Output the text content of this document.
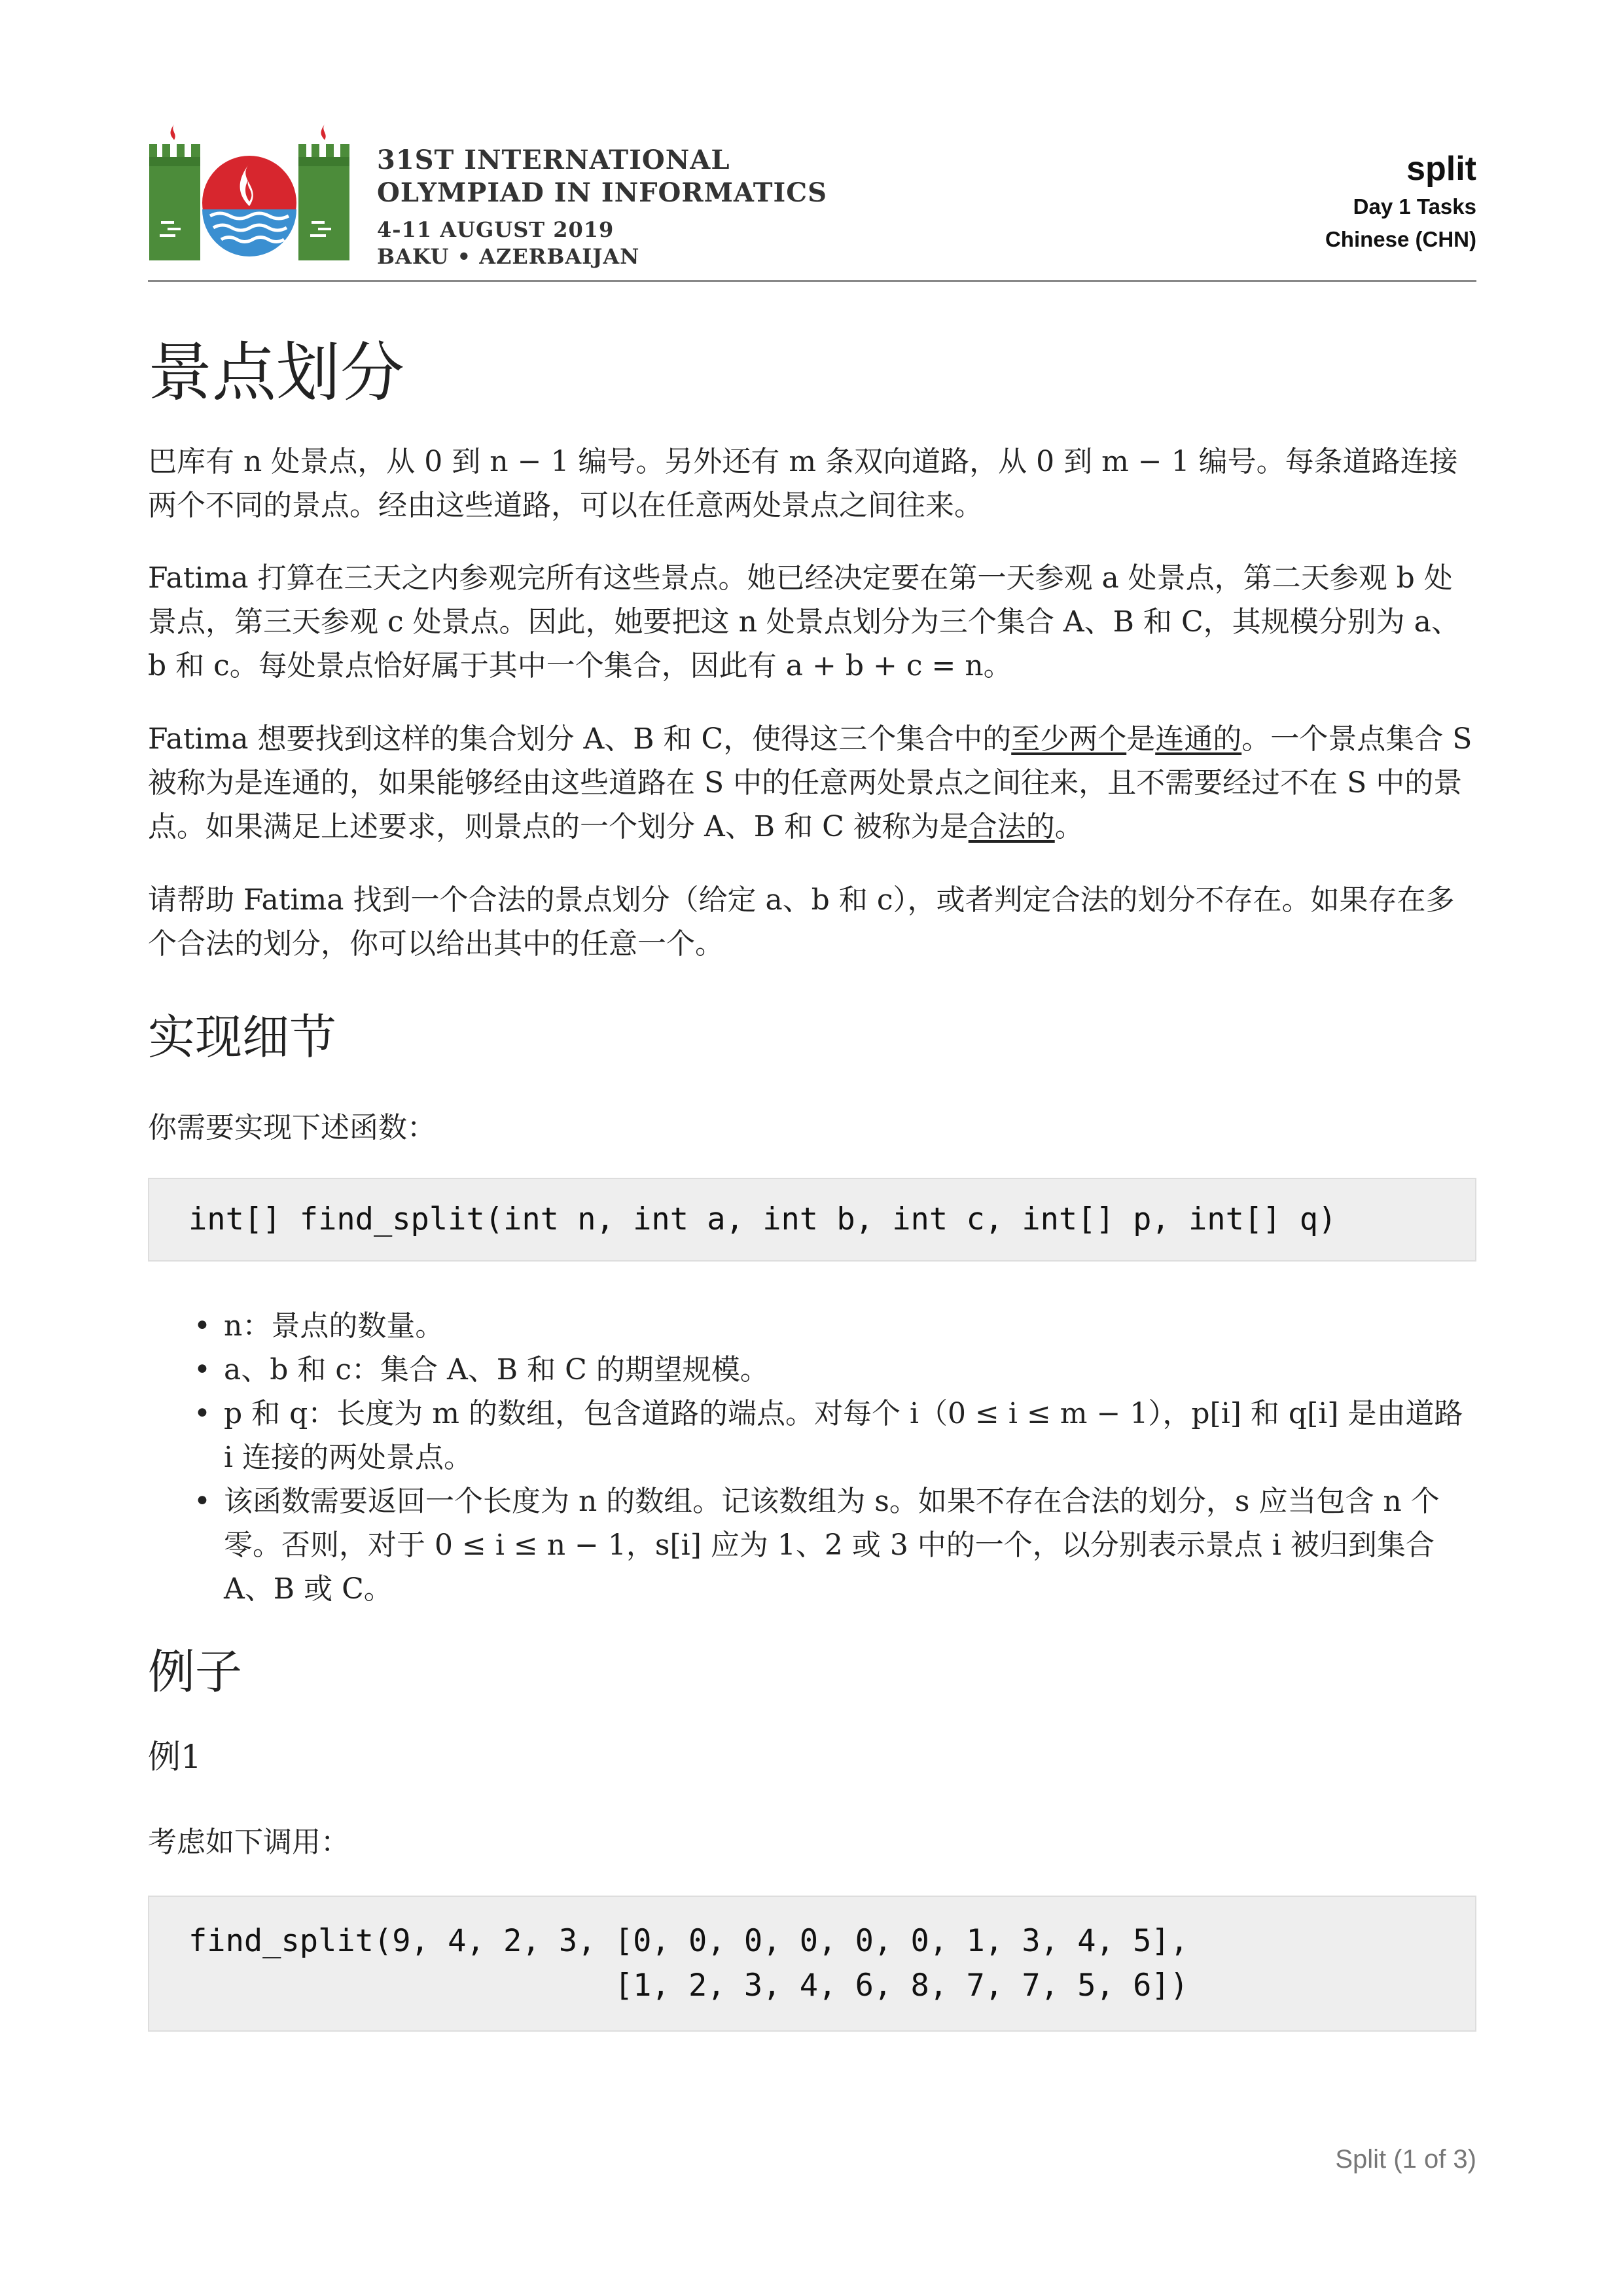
31ST INTERNATIONAL
OLYMPIAD IN INFORMATICS
4-11 AUGUST 2019
BAKU • AZERBAIJAN
split
Day 1 Tasks
Chinese (CHN)
景点划分

巴库有 n 处景点，从 0 到 n − 1 编号。另外还有 m 条双向道路，从 0 到 m − 1 编号。每条道路连接两个不同的景点。经由这些道路，可以在任意两处景点之间往来。

Fatima 打算在三天之内参观完所有这些景点。她已经决定要在第一天参观 a 处景点，第二天参观 b 处景点，第三天参观 c 处景点。因此，她要把这 n 处景点划分为三个集合 A、B 和 C，其规模分别为 a、b 和 c。每处景点恰好属于其中一个集合，因此有 a + b + c = n。

Fatima 想要找到这样的集合划分 A、B 和 C，使得这三个集合中的至少两个是连通的。一个景点集合 S 被称为是连通的，如果能够经由这些道路在 S 中的任意两处景点之间往来，且不需要经过不在 S 中的景点。如果满足上述要求，则景点的一个划分 A、B 和 C 被称为是合法的。

请帮助 Fatima 找到一个合法的景点划分（给定 a、b 和 c），或者判定合法的划分不存在。如果存在多个合法的划分，你可以给出其中的任意一个。

实现细节

你需要实现下述函数：

int[] find_split(int n, int a, int b, int c, int[] p, int[] q)
• n：景点的数量。
• a、b 和 c：集合 A、B 和 C 的期望规模。
• p 和 q：长度为 m 的数组，包含道路的端点。对每个 i（0 ≤ i ≤ m − 1），p[i] 和 q[i] 是由道路 i 连接的两处景点。
• 该函数需要返回一个长度为 n 的数组。记该数组为 s。如果不存在合法的划分，s 应当包含 n 个零。否则，对于 0 ≤ i ≤ n − 1，s[i] 应为 1、2 或 3 中的一个，以分别表示景点 i 被归到集合 A、B 或 C。
例子
例1

考虑如下调用：

find_split(9, 4, 2, 3, [0, 0, 0, 0, 0, 0, 1, 3, 4, 5],
[1, 2, 3, 4, 6, 8, 7, 7, 5, 6])
Split (1 of 3)
